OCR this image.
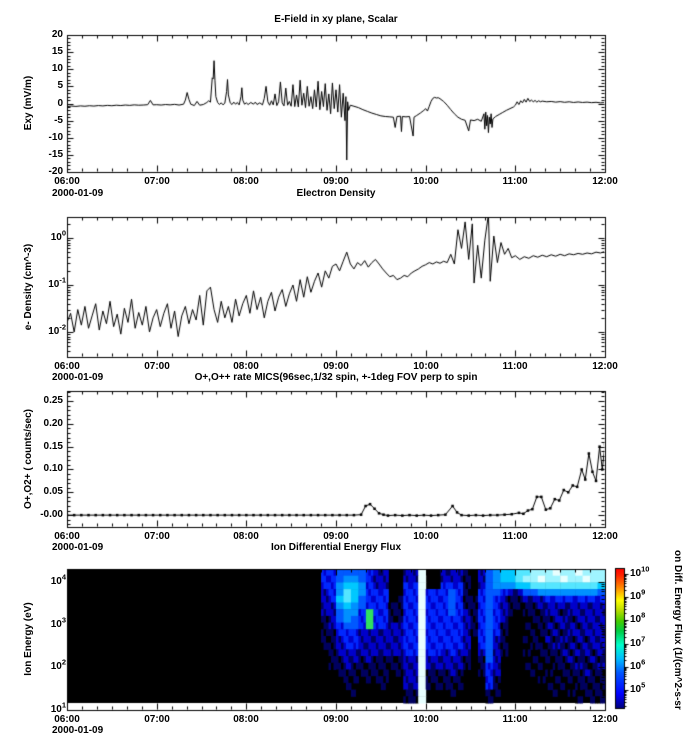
E-Field in xy plane, Scalar
Electron Density
O+,O++ rate MICS(96sec,1/32 spin, +-1deg FOV perp to spin
Ion Differential Energy Flux
2000-01-09
2000-01-09
2000-01-09
2000-01-09
Exy (mV/m)
e- Density (cm^-3)
O+,O2+ ( counts/sec)
Ion Energy (eV)	on Diff. Energy Flux (1/(cm^2-s-sr
20
15
10
5
0
-5
-10
-15
-20
06:00	07:00	08:00	09:00	10:00	11:00	12:00
$10^0$
$10^{-1}$
$10^{-2}$
06:00	07:00	08:00	09:00	10:00	11:00	12:00
0.25
0.20
0.15
0.10
0.05
-0.00
06:00	07:00	08:00	09:00	10:00	11:00	12:00
$10^4$
$10^3$
$10^2$
$10^1$
06:00	07:00	08:00	09:00	10:00	11:00	12:00
$10^{10}$
$10^9$
$10^8$
$10^7$
$10^6$
$10^5$
